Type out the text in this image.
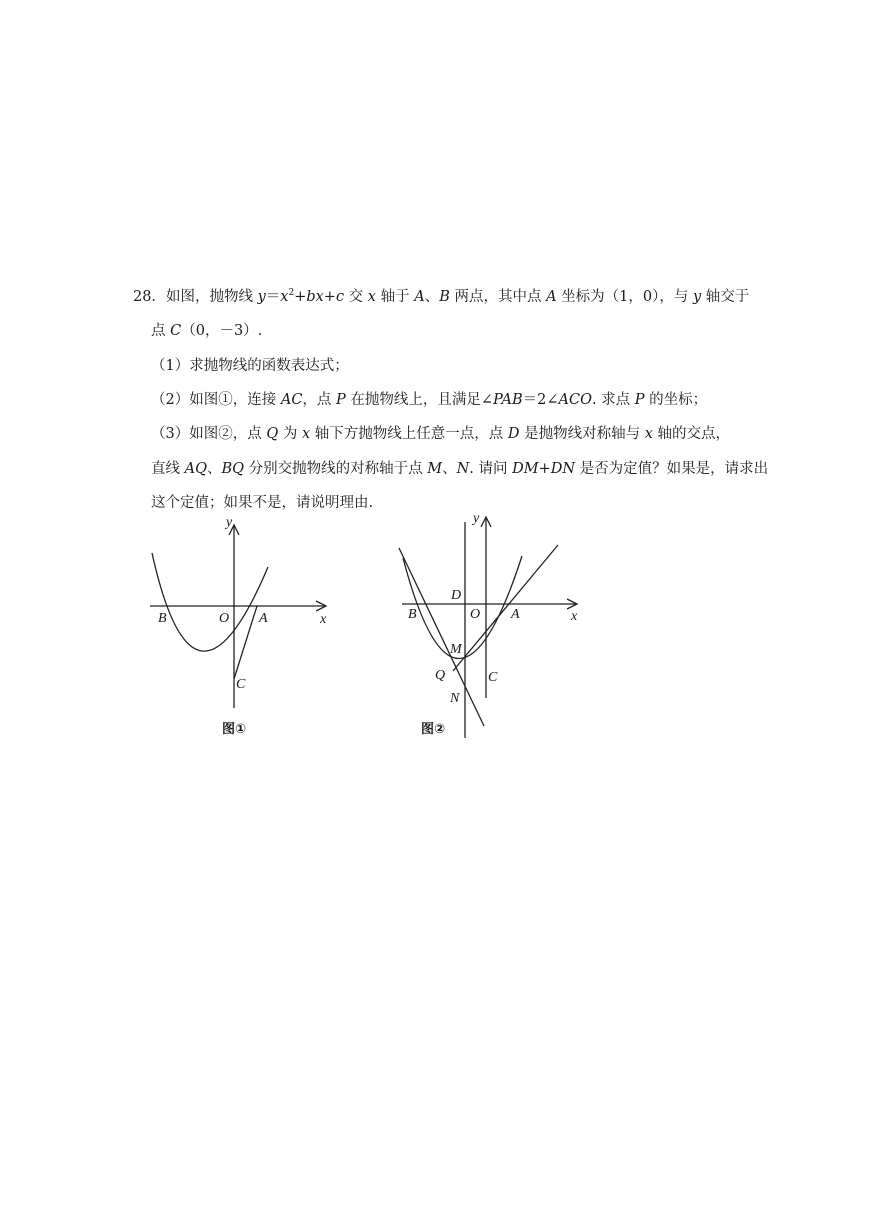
28．如图，抛物线 $y=x^2+bx+c$ 交 x 轴于 A、B 两点，其中点 A 坐标为（1，0），与 y 轴交于
点 C（0，－3）.
（1）求抛物线的函数表达式；
（2）如图①，连接 AC，点 P 在抛物线上，且满足∠PAB＝2∠ACO. 求点 P 的坐标；
（3）如图②，点 Q 为 x 轴下方抛物线上任意一点，点 D 是抛物线对称轴与 x 轴的交点，
直线 AQ、BQ 分别交抛物线的对称轴于点 M、N. 请问 DM+DN 是否为定值？如果是，请求出
这个定值；如果不是，请说明理由.
y
x
B	O A
C
图①
y
x
B
D
O A
M
Q
N
C
图②
